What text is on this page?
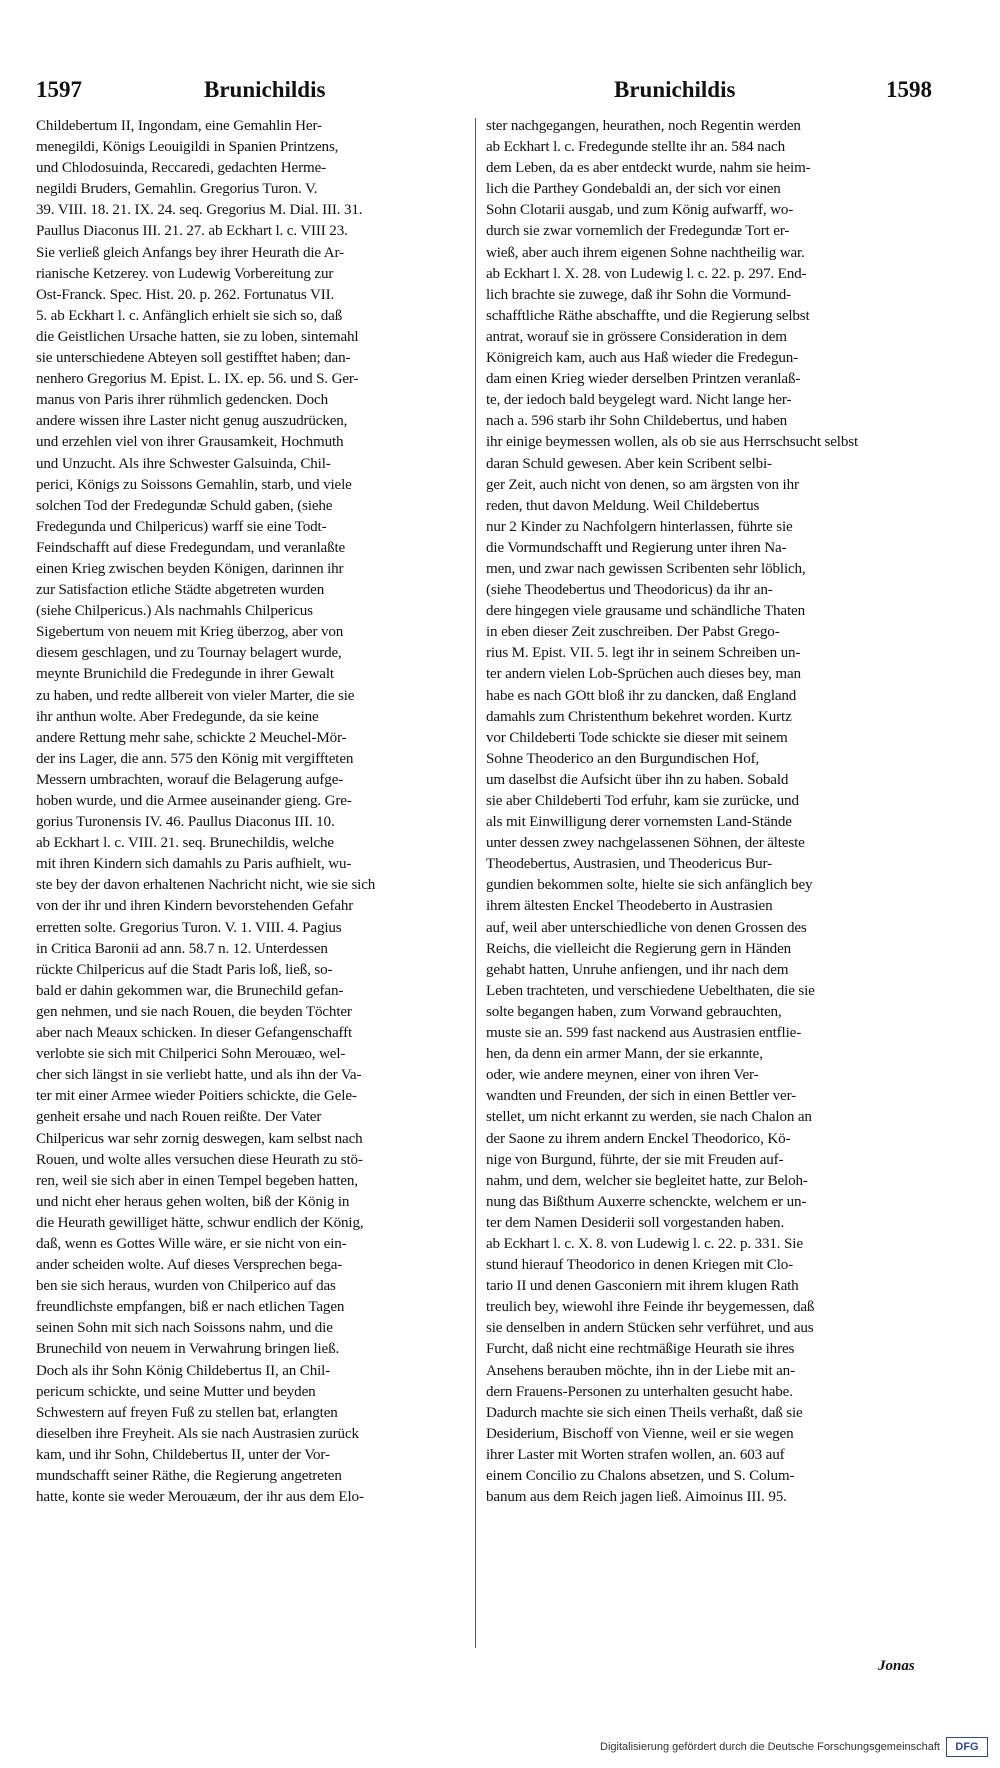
1597	Brunichildis	Brunichildis	1598
Childebertum II, Ingondam, eine Gemahlin Her-
menegildi, Königs Leouigildi in Spanien Printzens,
und Chlodosuinda, Reccaredi, gedachten Herme-
negildi Bruders, Gemahlin. Gregorius Turon. V.
39. VIII. 18. 21. IX. 24. seq. Gregorius M. Dial. III. 31.
Paullus Diaconus III. 21. 27. ab Eckhart l. c. VIII 23.
Sie verließ gleich Anfangs bey ihrer Heurath die Ar-
rianische Ketzerey. von Ludewig Vorbereitung zur
Ost-Franck. Spec. Hist. 20. p. 262. Fortunatus VII.
5. ab Eckhart l. c. Anfänglich erhielt sie sich so, daß
die Geistlichen Ursache hatten, sie zu loben, sintemahl
sie unterschiedene Abteyen soll gestifftet haben; dan-
nenhero Gregorius M. Epist. L. IX. ep. 56. und S. Ger-
manus von Paris ihrer rühmlich gedencken. Doch
andere wissen ihre Laster nicht genug auszudrücken,
und erzehlen viel von ihrer Grausamkeit, Hochmuth
und Unzucht. Als ihre Schwester Galsuinda, Chil-
perici, Königs zu Soissons Gemahlin, starb, und viele
solchen Tod der Fredegundæ Schuld gaben, (siehe
Fredegunda und Chilpericus) warff sie eine Todt-
Feindschafft auf diese Fredegundam, und veranlaßte
einen Krieg zwischen beyden Königen, darinnen ihr
zur Satisfaction etliche Städte abgetreten wurden
(siehe Chilpericus.) Als nachmahls Chilpericus
Sigebertum von neuem mit Krieg überzog, aber von
diesem geschlagen, und zu Tournay belagert wurde,
meynte Brunichild die Fredegunde in ihrer Gewalt
zu haben, und redte allbereit von vieler Marter, die sie
ihr anthun wolte. Aber Fredegunde, da sie keine
andere Rettung mehr sahe, schickte 2 Meuchel-Mör-
der ins Lager, die ann. 575 den König mit vergiffteten
Messern umbrachten, worauf die Belagerung aufge-
hoben wurde, und die Armee auseinander gieng. Gre-
gorius Turonensis IV. 46. Paullus Diaconus III. 10.
ab Eckhart l. c. VIII. 21. seq. Brunechildis, welche
mit ihren Kindern sich damahls zu Paris aufhielt, wu-
ste bey der davon erhaltenen Nachricht nicht, wie sie sich
von der ihr und ihren Kindern bevorstehenden Gefahr
erretten solte. Gregorius Turon. V. 1. VIII. 4. Pagius
in Critica Baronii ad ann. 58.7 n. 12. Unterdessen
rückte Chilpericus auf die Stadt Paris loß, ließ, so-
bald er dahin gekommen war, die Brunechild gefan-
gen nehmen, und sie nach Rouen, die beyden Töchter
aber nach Meaux schicken. In dieser Gefangenschafft
verlobte sie sich mit Chilperici Sohn Merouæo, wel-
cher sich längst in sie verliebt hatte, und als ihn der Va-
ter mit einer Armee wieder Poitiers schickte, die Gele-
genheit ersahe und nach Rouen reißte. Der Vater
Chilpericus war sehr zornig deswegen, kam selbst nach
Rouen, und wolte alles versuchen diese Heurath zu stö-
ren, weil sie sich aber in einen Tempel begeben hatten,
und nicht eher heraus gehen wolten, biß der König in
die Heurath gewilliget hätte, schwur endlich der König,
daß, wenn es Gottes Wille wäre, er sie nicht von ein-
ander scheiden wolte. Auf dieses Versprechen bega-
ben sie sich heraus, wurden von Chilperico auf das
freundlichste empfangen, biß er nach etlichen Tagen
seinen Sohn mit sich nach Soissons nahm, und die
Brunechild von neuem in Verwahrung bringen ließ.
Doch als ihr Sohn König Childebertus II, an Chil-
pericum schickte, und seine Mutter und beyden
Schwestern auf freyen Fuß zu stellen bat, erlangten
dieselben ihre Freyheit. Als sie nach Austrasien zurück
kam, und ihr Sohn, Childebertus II, unter der Vor-
mundschafft seiner Räthe, die Regierung angetreten
hatte, konte sie weder Merouæum, der ihr aus dem Elo-
ster nachgegangen, heurathen, noch Regentin werden
ab Eckhart l. c. Fredegunde stellte ihr an. 584 nach
dem Leben, da es aber entdeckt wurde, nahm sie heim-
lich die Parthey Gondebaldi an, der sich vor einen
Sohn Clotarii ausgab, und zum König aufwarff, wo-
durch sie zwar vornemlich der Fredegundæ Tort er-
wieß, aber auch ihrem eigenen Sohne nachtheilig war.
ab Eckhart l. X. 28. von Ludewig l. c. 22. p. 297. End-
lich brachte sie zuwege, daß ihr Sohn die Vormund-
schafftliche Räthe abschaffte, und die Regierung selbst
antrat, worauf sie in grössere Consideration in dem
Königreich kam, auch aus Haß wieder die Fredegun-
dam einen Krieg wieder derselben Printzen veranlaß-
te, der iedoch bald beygelegt ward. Nicht lange her-
nach a. 596 starb ihr Sohn Childebertus, und haben
ihr einige beymessen wollen, als ob sie aus Herrschsucht selbst
daran Schuld gewesen. Aber kein Scribent selbi-
ger Zeit, auch nicht von denen, so am ärgsten von ihr
reden, thut davon Meldung. Weil Childebertus
nur 2 Kinder zu Nachfolgern hinterlassen, führte sie
die Vormundschafft und Regierung unter ihren Na-
men, und zwar nach gewissen Scribenten sehr löblich,
(siehe Theodebertus und Theodoricus) da ihr an-
dere hingegen viele grausame und schändliche Thaten
in eben dieser Zeit zuschreiben. Der Pabst Grego-
rius M. Epist. VII. 5. legt ihr in seinem Schreiben un-
ter andern vielen Lob-Sprüchen auch dieses bey, man
habe es nach GOtt bloß ihr zu dancken, daß England
damahls zum Christenthum bekehret worden. Kurtz
vor Childeberti Tode schickte sie dieser mit seinem
Sohne Theoderico an den Burgundischen Hof,
um daselbst die Aufsicht über ihn zu haben. Sobald
sie aber Childeberti Tod erfuhr, kam sie zurücke, und
als mit Einwilligung derer vornemsten Land-Stände
unter dessen zwey nachgelassenen Söhnen, der älteste
Theodebertus, Austrasien, und Theodericus Bur-
gundien bekommen solte, hielte sie sich anfänglich bey
ihrem ältesten Enckel Theodeberto in Austrasien
auf, weil aber unterschiedliche von denen Grossen des
Reichs, die vielleicht die Regierung gern in Händen
gehabt hatten, Unruhe anfiengen, und ihr nach dem
Leben trachteten, und verschiedene Uebelthaten, die sie
solte begangen haben, zum Vorwand gebrauchten,
muste sie an. 599 fast nackend aus Austrasien entflie-
hen, da denn ein armer Mann, der sie erkannte,
oder, wie andere meynen, einer von ihren Ver-
wandten und Freunden, der sich in einen Bettler ver-
stellet, um nicht erkannt zu werden, sie nach Chalon an
der Saone zu ihrem andern Enckel Theodorico, Kö-
nige von Burgund, führte, der sie mit Freuden auf-
nahm, und dem, welcher sie begleitet hatte, zur Beloh-
nung das Bißthum Auxerre schenckte, welchem er un-
ter dem Namen Desiderii soll vorgestanden haben.
ab Eckhart l. c. X. 8. von Ludewig l. c. 22. p. 331. Sie
stund hierauf Theodorico in denen Kriegen mit Clo-
tario II und denen Gasconiern mit ihrem klugen Rath
treulich bey, wiewohl ihre Feinde ihr beygemessen, daß
sie denselben in andern Stücken sehr verführet, und aus
Furcht, daß nicht eine rechtmäßige Heurath sie ihres
Ansehens berauben möchte, ihn in der Liebe mit an-
dern Frauens-Personen zu unterhalten gesucht habe.
Dadurch machte sie sich einen Theils verhaßt, daß sie
Desiderium, Bischoff von Vienne, weil er sie wegen
ihrer Laster mit Worten strafen wollen, an. 603 auf
einem Concilio zu Chalons absetzen, und S. Colum-
banum aus dem Reich jagen ließ. Aimoinus III. 95.
Jonas
Digitalisierung gefördert durch die Deutsche Forschungsgemeinschaft	DFG
